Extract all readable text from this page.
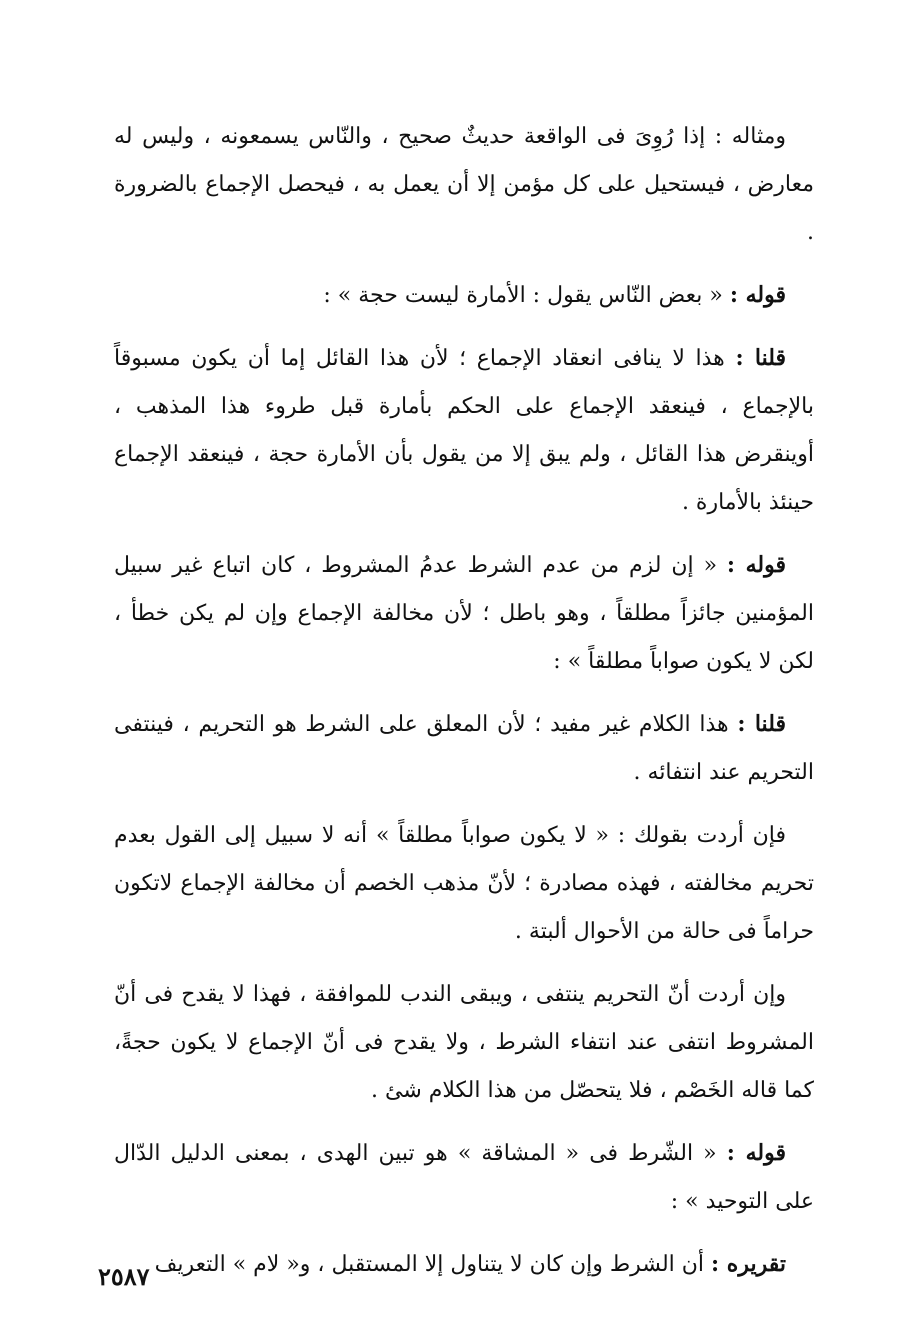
ومثاله : إذا رُوِىَ فى الواقعة حديثٌ صحيح ، والنّاس يسمعونه ، وليس له معارض ، فيستحيل على كل مؤمن إلا أن يعمل به ، فيحصل الإجماع بالضرورة .

قوله : « بعض النّاس يقول : الأمارة ليست حجة » :

قلنا : هذا لا ينافى انعقاد الإجماع ؛ لأن هذا القائل إما أن يكون مسبوقاً بالإجماع ، فينعقد الإجماع على الحكم بأمارة قبل طروء هذا المذهب ، أوينقرض هذا القائل ، ولم يبق إلا من يقول بأن الأمارة حجة ، فينعقد الإجماع حينئذ بالأمارة .

قوله : « إن لزم من عدم الشرط عدمُ المشروط ، كان اتباع غير سبيل المؤمنين جائزاً مطلقاً ، وهو باطل ؛ لأن مخالفة الإجماع وإن لم يكن خطأ ، لكن لا يكون صواباً مطلقاً » :

قلنا : هذا الكلام غير مفيد ؛ لأن المعلق على الشرط هو التحريم ، فينتفى التحريم عند انتفائه .

فإن أردت بقولك : « لا يكون صواباً مطلقاً » أنه لا سبيل إلى القول بعدم تحريم مخالفته ، فهذه مصادرة ؛ لأنّ مذهب الخصم أن مخالفة الإجماع لاتكون حراماً فى حالة من الأحوال ألبتة .

وإن أردت أنّ التحريم ينتفى ، ويبقى الندب للموافقة ، فهذا لا يقدح فى أنّ المشروط انتفى عند انتفاء الشرط ، ولا يقدح فى أنّ الإجماع لا يكون حجةً، كما قاله الخَصْم ، فلا يتحصّل من هذا الكلام شئ .

قوله : « الشّرط فى « المشاقة » هو تبين الهدى ، بمعنى الدليل الدّال على التوحيد » :

تقريره : أن الشرط وإن كان لا يتناول إلا المستقبل ، و« لام » التعريف

٢٥٨٧
